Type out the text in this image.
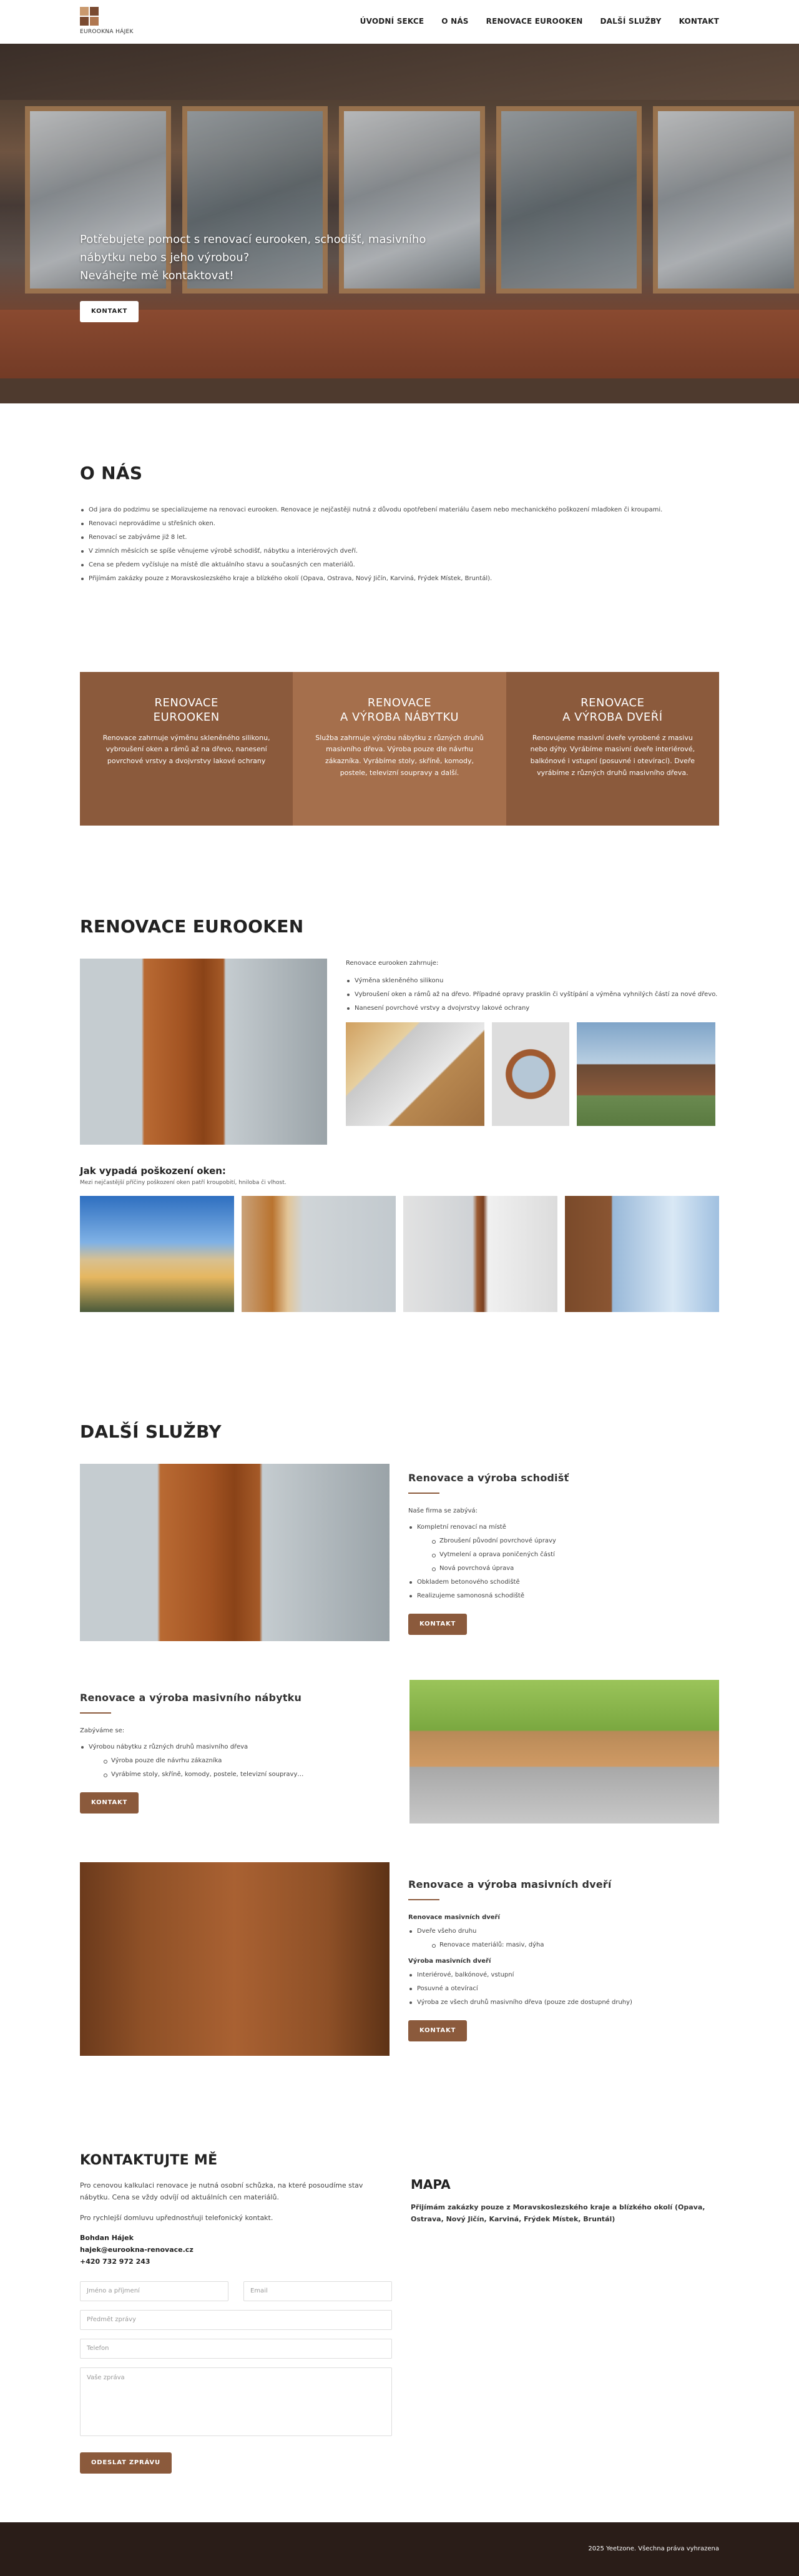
EUROOKNA HÁJEK
ÚVODNÍ SEKCE O NÁS RENOVACE EUROOKEN DALŠÍ SLUŽBY KONTAKT
Potřebujete pomoct s renovací eurooken, schodišť, masivního
nábytku nebo s jeho výrobou?
Neváhejte mě kontaktovat!
KONTAKT
O NÁS
Od jara do podzimu se specializujeme na renovaci eurooken. Renovace je nejčastěji nutná z důvodu opotřebení materiálu časem nebo mechanického poškození mlaďoken či kroupami.
Renovaci neprovádíme u střešních oken.
Renovací se zabýváme již 8 let.
V zimních měsících se spíše věnujeme výrobě schodišť, nábytku a interiérových dveří.
Cena se předem vyčísluje na místě dle aktuálního stavu a současných cen materiálů.
Přijímám zakázky pouze z Moravskoslezského kraje a blízkého okolí (Opava, Ostrava, Nový Jičín, Karviná, Frýdek Místek, Bruntál).
RENOVACE
EUROOKEN

Renovace zahrnuje výměnu skleněného silikonu, vybroušení oken a rámů až na dřevo, nanesení povrchové vrstvy a dvojvrstvy lakové ochrany

RENOVACE
A VÝROBA NÁBYTKU

Služba zahrnuje výrobu nábytku z různých druhů masivního dřeva. Výroba pouze dle návrhu zákazníka. Vyrábíme stoly, skříně, komody, postele, televizní soupravy a další.

RENOVACE
A VÝROBA DVEŘÍ

Renovujeme masivní dveře vyrobené z masivu nebo dýhy. Vyrábíme masivní dveře interiérové, balkónové i vstupní (posuvné i otevírací). Dveře vyrábíme z různých druhů masivního dřeva.

RENOVACE EUROOKEN
Renovace eurooken zahrnuje:
Výměna skleněného silikonu
Vybroušení oken a rámů až na dřevo. Případné opravy prasklin či vyštípání a výměna vyhnilých částí za nové dřevo.
Nanesení povrchové vrstvy a dvojvrstvy lakové ochrany
Jak vypadá poškození oken:
Mezi nejčastější příčiny poškození oken patří kroupobití, hniloba či vlhost.
DALŠÍ SLUŽBY
Renovace a výroba schodišť

Naše firma se zabývá:

Kompletní renovací na místě
Zbroušení původní povrchové úpravy
Vytmelení a oprava poničených částí
Nová povrchová úprava
Obkladem betonového schodiště
Realizujeme samonosná schodiště
KONTAKT
Renovace a výroba masivního nábytku

Zabýváme se:

Výrobou nábytku z různých druhů masivního dřeva
Výroba pouze dle návrhu zákazníka
Vyrábíme stoly, skříně, komody, postele, televizní soupravy…
KONTAKT
Renovace a výroba masivních dveří
Renovace masivních dveří
Dveře všeho druhu
Renovace materiálů: masiv, dýha
Výroba masivních dveří
Interiérové, balkónové, vstupní
Posuvné a otevírací
Výroba ze všech druhů masivního dřeva (pouze zde dostupné druhy)
KONTAKT
KONTAKTUJTE MĚ

Pro cenovou kalkulaci renovace je nutná osobní schůzka, na které posoudíme stav nábytku. Cena se vždy odvíjí od aktuálních cen materiálů.

Pro rychlejší domluvu upřednostňuji telefonický kontakt.

Bohdan Hájek
hajek@eurookna-renovace.cz
+420 732 972 243
Jméno a příjmení	Email
Předmět zprávy
Telefon
Vaše zpráva
ODESLAT ZPRÁVU
MAPA

Přijímám zakázky pouze z Moravskoslezského kraje a blízkého okolí (Opava, Ostrava, Nový Jičín, Karviná, Frýdek Místek, Bruntál)

2025 Yeetzone. Všechna práva vyhrazena
